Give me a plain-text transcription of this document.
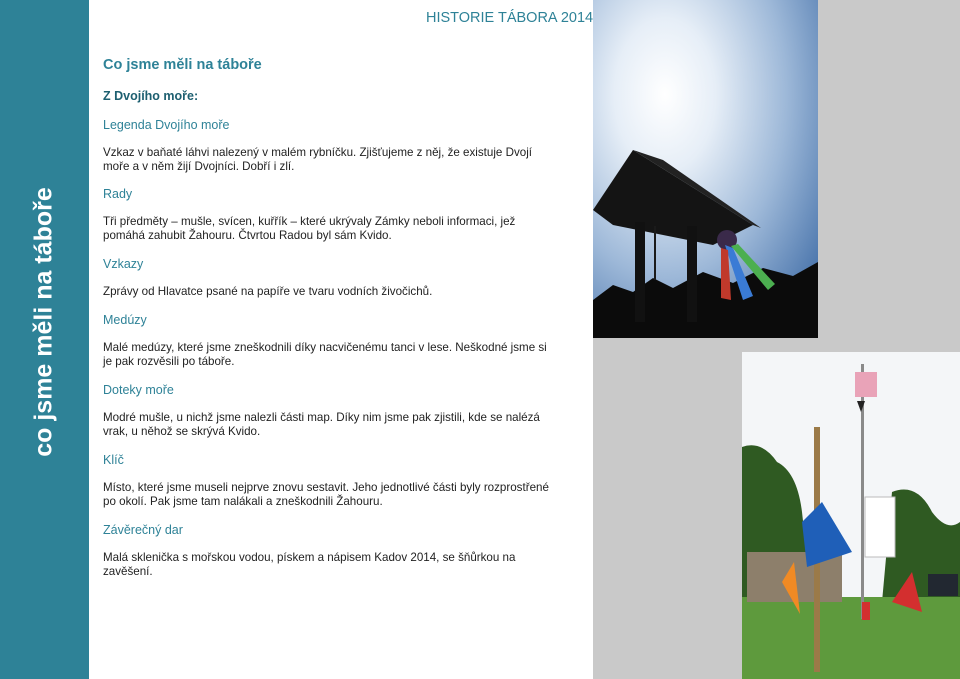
co jsme měli na táboře
HISTORIE TÁBORA 2014
Co jsme měli na táboře
Z Dvojího moře:
Legenda Dvojího moře
Vzkaz v baňaté láhvi nalezený v malém rybníčku. Zjišťujeme z něj, že existuje Dvojí
moře a v něm žijí Dvojníci. Dobří i zlí.
Rady
Tři předměty – mušle, svícen, kuřřík – které ukrývaly Zámky neboli informaci, jež
pomáhá zahubit Žahouru. Čtvrtou Radou byl sám Kvido.
Vzkazy
Zprávy od Hlavatce psané na papíře ve tvaru vodních živočichů.
Medúzy
Malé medúzy, které jsme zneškodnili díky nacvičenému tanci v lese. Neškodné jsme si
je pak rozvěsili po táboře.
Doteky moře
Modré mušle, u nichž jsme nalezli části map. Díky nim jsme pak zjistili, kde se nalézá
vrak, u něhož se skrývá Kvido.
Klíč
Místo, které jsme museli nejprve znovu sestavit. Jeho jednotlivé části byly rozprostřené
po okolí. Pak jsme tam nalákali a zneškodnili Žahouru.
Závěrečný dar
Malá sklenička s mořskou vodou, pískem a nápisem Kadov 2014, se šňůrkou na
zavěšení.
